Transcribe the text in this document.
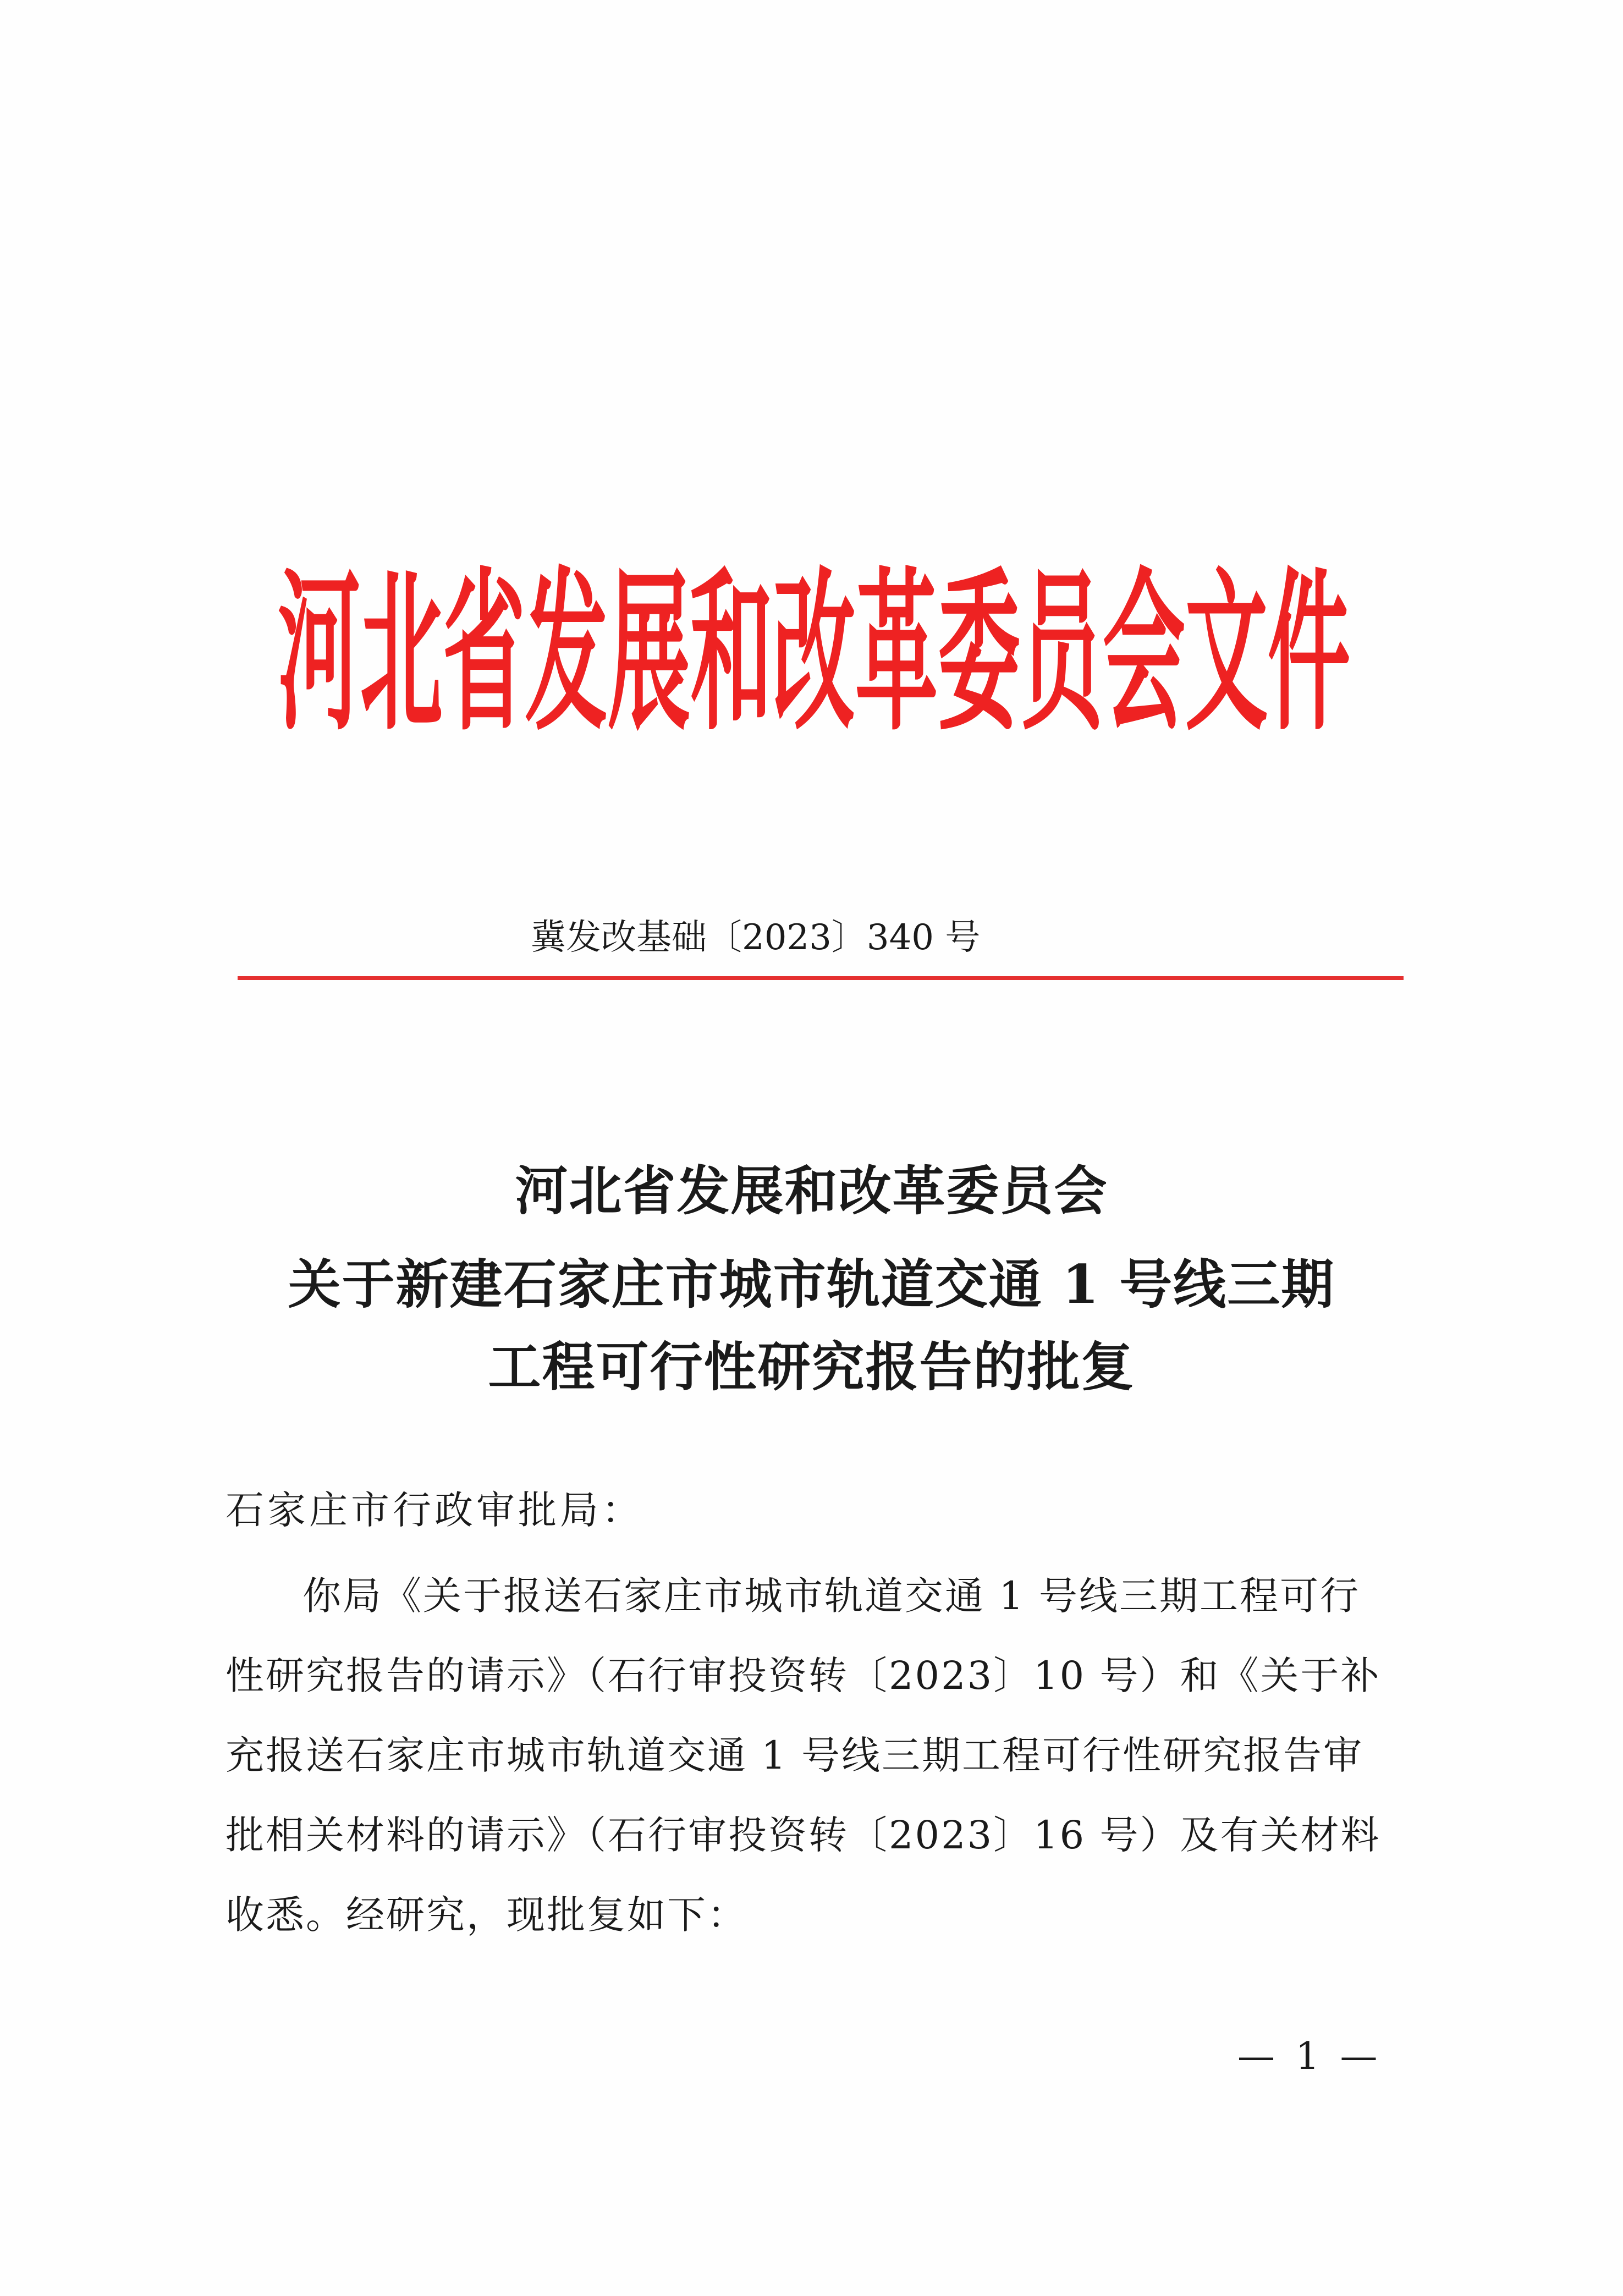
河北省发展和改革委员会文件
冀发改基础〔2023〕340 号
河北省发展和改革委员会
关于新建石家庄市城市轨道交通 1 号线三期
工程可行性研究报告的批复
石家庄市行政审批局：
你局《关于报送石家庄市城市轨道交通 1 号线三期工程可行
性研究报告的请示》（石行审投资转〔2023〕10 号）和《关于补
充报送石家庄市城市轨道交通 1 号线三期工程可行性研究报告审
批相关材料的请示》（石行审投资转〔2023〕16 号）及有关材料
收悉。经研究，现批复如下：
— 1 —
